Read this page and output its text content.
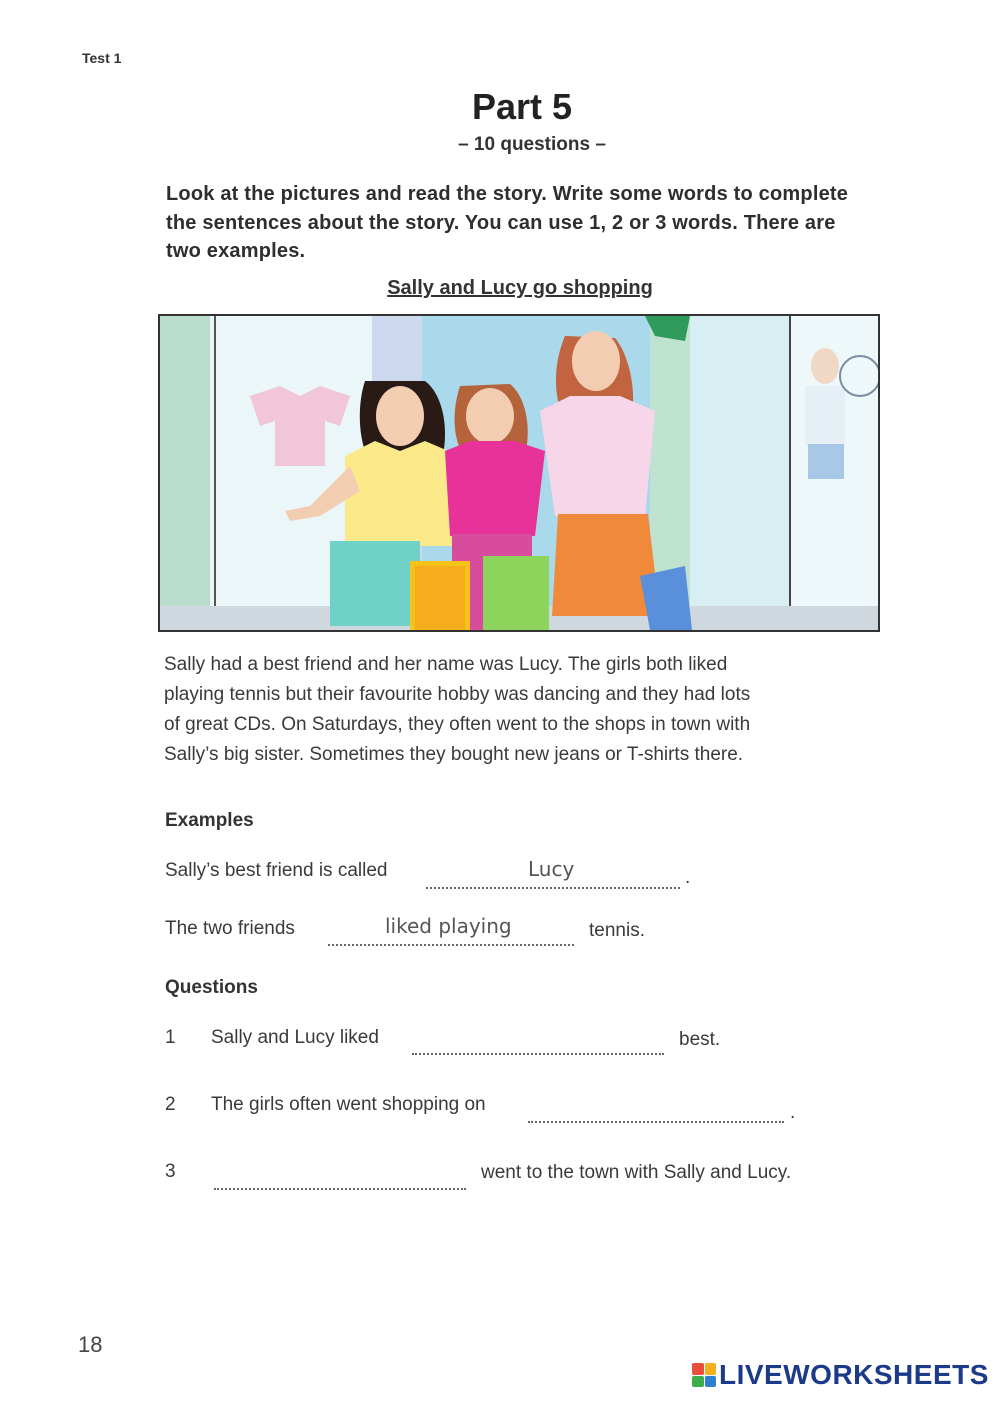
Test 1
Part 5
– 10 questions –
Look at the pictures and read the story. Write some words to complete the sentences about the story. You can use 1, 2 or 3 words. There are two examples.
Sally and Lucy go shopping
Sally had a best friend and her name was Lucy. The girls both liked
playing tennis but their favourite hobby was dancing and they had lots
of great CDs. On Saturdays, they often went to the shops in town with
Sally’s big sister. Sometimes they bought new jeans or T-shirts there.
Examples
Sally’s best friend is called	Lucy	.
The two friends	liked playing	tennis.
Questions
1 Sally and Lucy liked	best.
2 The girls often went shopping on	.
3	went to the town with Sally and Lucy.
18
LIVEWORKSHEETS
